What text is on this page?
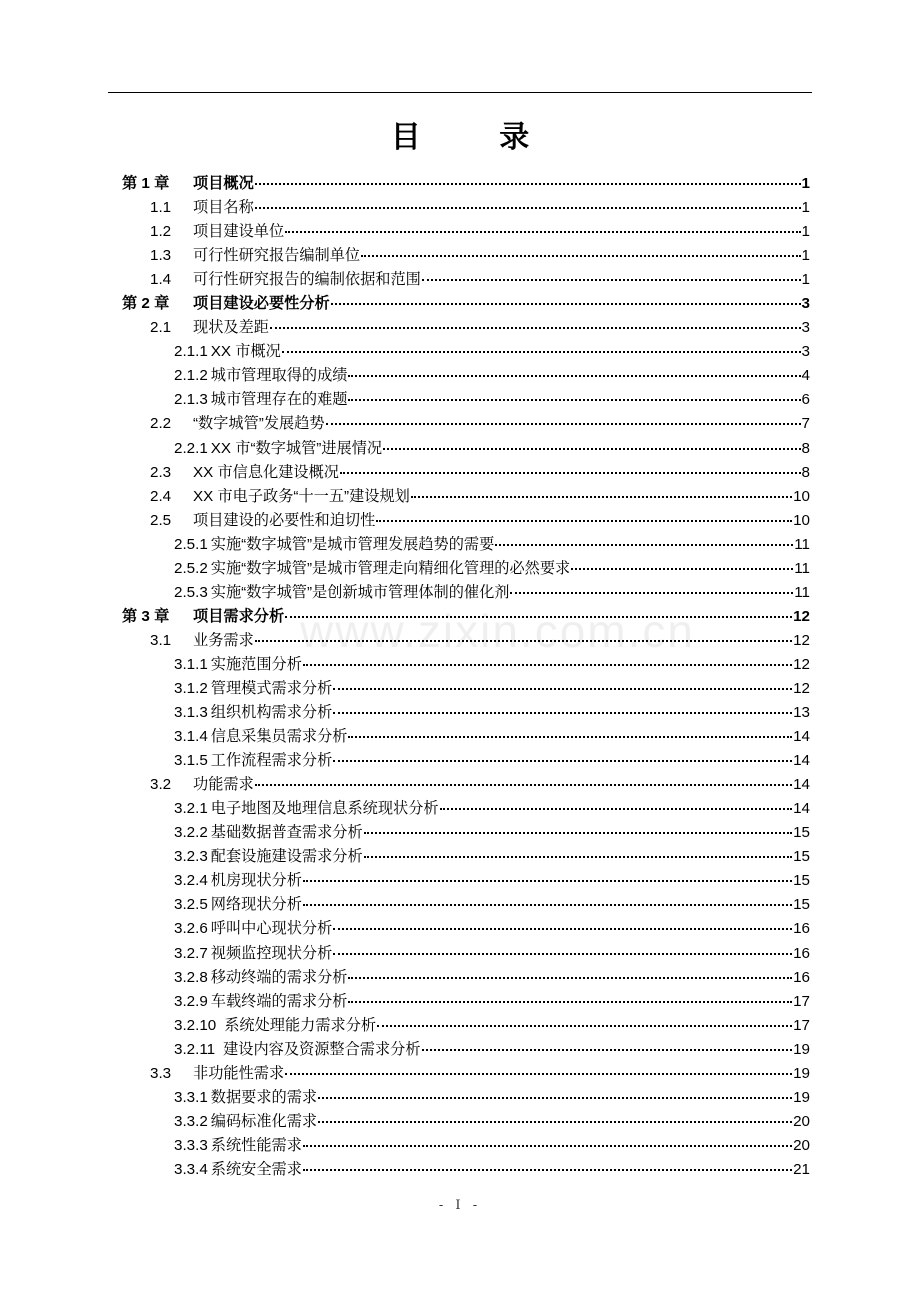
目 录
www.zixin.com.cn
第 1 章	项目概况	1
1.1	项目名称	1
1.2	项目建设单位	1
1.3	可行性研究报告编制单位	1
1.4	可行性研究报告的编制依据和范围	1
第 2 章	项目建设必要性分析	3
2.1	现状及差距	3
2.1.1 XX 市概况	3
2.1.2 城市管理取得的成绩	4
2.1.3 城市管理存在的难题	6
2.2	“数字城管”发展趋势	7
2.2.1 XX 市“数字城管”进展情况	8
2.3	XX 市信息化建设概况	8
2.4	XX 市电子政务“十一五”建设规划	10
2.5	项目建设的必要性和迫切性	10
2.5.1 实施“数字城管”是城市管理发展趋势的需要	11
2.5.2 实施“数字城管”是城市管理走向精细化管理的必然要求	11
2.5.3 实施“数字城管”是创新城市管理体制的催化剂	11
第 3 章	项目需求分析	12
3.1	业务需求	12
3.1.1 实施范围分析	12
3.1.2 管理模式需求分析	12
3.1.3 组织机构需求分析	13
3.1.4 信息采集员需求分析	14
3.1.5 工作流程需求分析	14
3.2	功能需求	14
3.2.1 电子地图及地理信息系统现状分析	14
3.2.2 基础数据普查需求分析	15
3.2.3 配套设施建设需求分析	15
3.2.4 机房现状分析	15
3.2.5 网络现状分析	15
3.2.6 呼叫中心现状分析	16
3.2.7 视频监控现状分析	16
3.2.8 移动终端的需求分析	16
3.2.9 车载终端的需求分析	17
3.2.10 系统处理能力需求分析	17
3.2.11 建设内容及资源整合需求分析	19
3.3	非功能性需求	19
3.3.1 数据要求的需求	19
3.3.2 编码标准化需求	20
3.3.3 系统性能需求	20
3.3.4 系统安全需求	21
- I -
